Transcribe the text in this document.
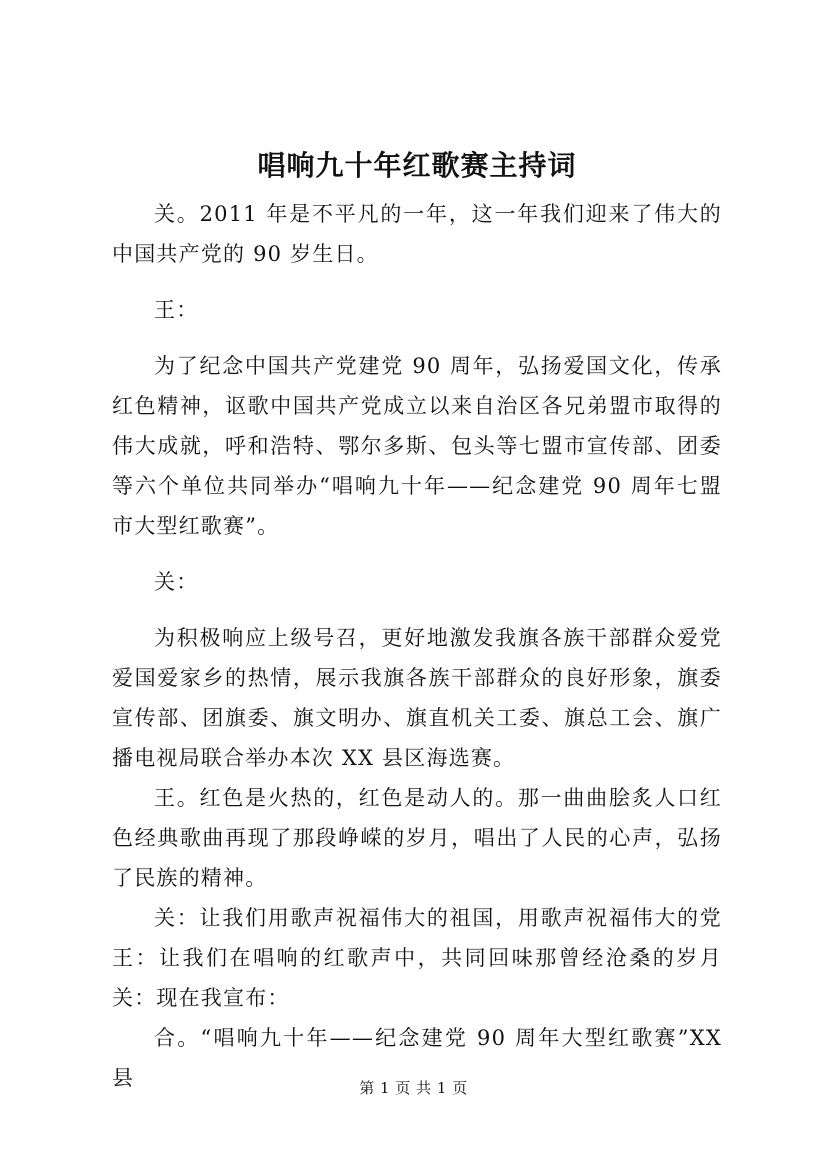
唱响九十年红歌赛主持词

关。2011 年是不平凡的一年，这一年我们迎来了伟大的中国共产党的 90 岁生日。

王：

为了纪念中国共产党建党 90 周年，弘扬爱国文化，传承红色精神，讴歌中国共产党成立以来自治区各兄弟盟市取得的伟大成就，呼和浩特、鄂尔多斯、包头等七盟市宣传部、团委等六个单位共同举办“唱响九十年——纪念建党 90 周年七盟市大型红歌赛”。

关：

为积极响应上级号召，更好地激发我旗各族干部群众爱党爱国爱家乡的热情，展示我旗各族干部群众的良好形象，旗委宣传部、团旗委、旗文明办、旗直机关工委、旗总工会、旗广播电视局联合举办本次 XX 县区海选赛。

王。红色是火热的，红色是动人的。那一曲曲脍炙人口红色经典歌曲再现了那段峥嵘的岁月，唱出了人民的心声，弘扬了民族的精神。

关：让我们用歌声祝福伟大的祖国，用歌声祝福伟大的党王：让我们在唱响的红歌声中，共同回味那曾经沧桑的岁月关：现在我宣布：

合。“唱响九十年——纪念建党 90 周年大型红歌赛”XX 县	第 1 页 共 1 页
